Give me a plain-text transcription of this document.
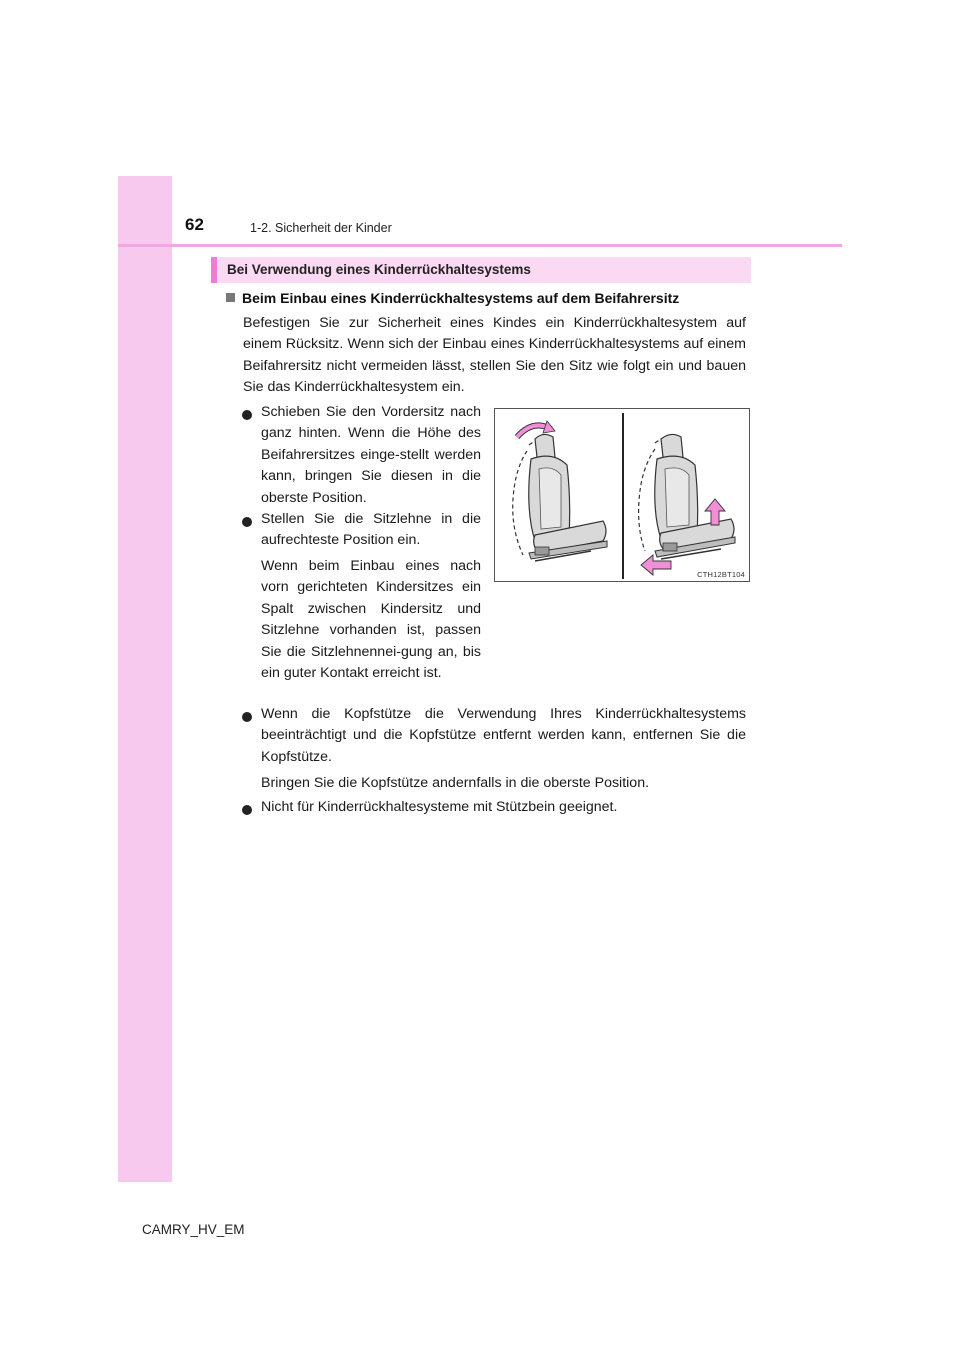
62	1-2. Sicherheit der Kinder
Bei Verwendung eines Kinderrückhaltesystems
Beim Einbau eines Kinderrückhaltesystems auf dem Beifahrersitz
Befestigen Sie zur Sicherheit eines Kindes ein Kinderrückhaltesystem auf einem Rücksitz. Wenn sich der Einbau eines Kinderrückhaltesystems auf einem Beifahrersitz nicht vermeiden lässt, stellen Sie den Sitz wie folgt ein und bauen Sie das Kinderrückhaltesystem ein.
Schieben Sie den Vordersitz nach ganz hinten. Wenn die Höhe des Beifahrersitzes einge-stellt werden kann, bringen Sie diesen in die oberste Position.
Stellen Sie die Sitzlehne in die aufrechteste Position ein.
Wenn beim Einbau eines nach vorn gerichteten Kindersitzes ein Spalt zwischen Kindersitz und Sitzlehne vorhanden ist, passen Sie die Sitzlehnennei-gung an, bis ein guter Kontakt erreicht ist.
CTH12BT104
Wenn die Kopfstütze die Verwendung Ihres Kinderrückhaltesystems beeinträchtigt und die Kopfstütze entfernt werden kann, entfernen Sie die Kopfstütze.
Bringen Sie die Kopfstütze andernfalls in die oberste Position.
Nicht für Kinderrückhaltesysteme mit Stützbein geeignet.
CAMRY_HV_EM
